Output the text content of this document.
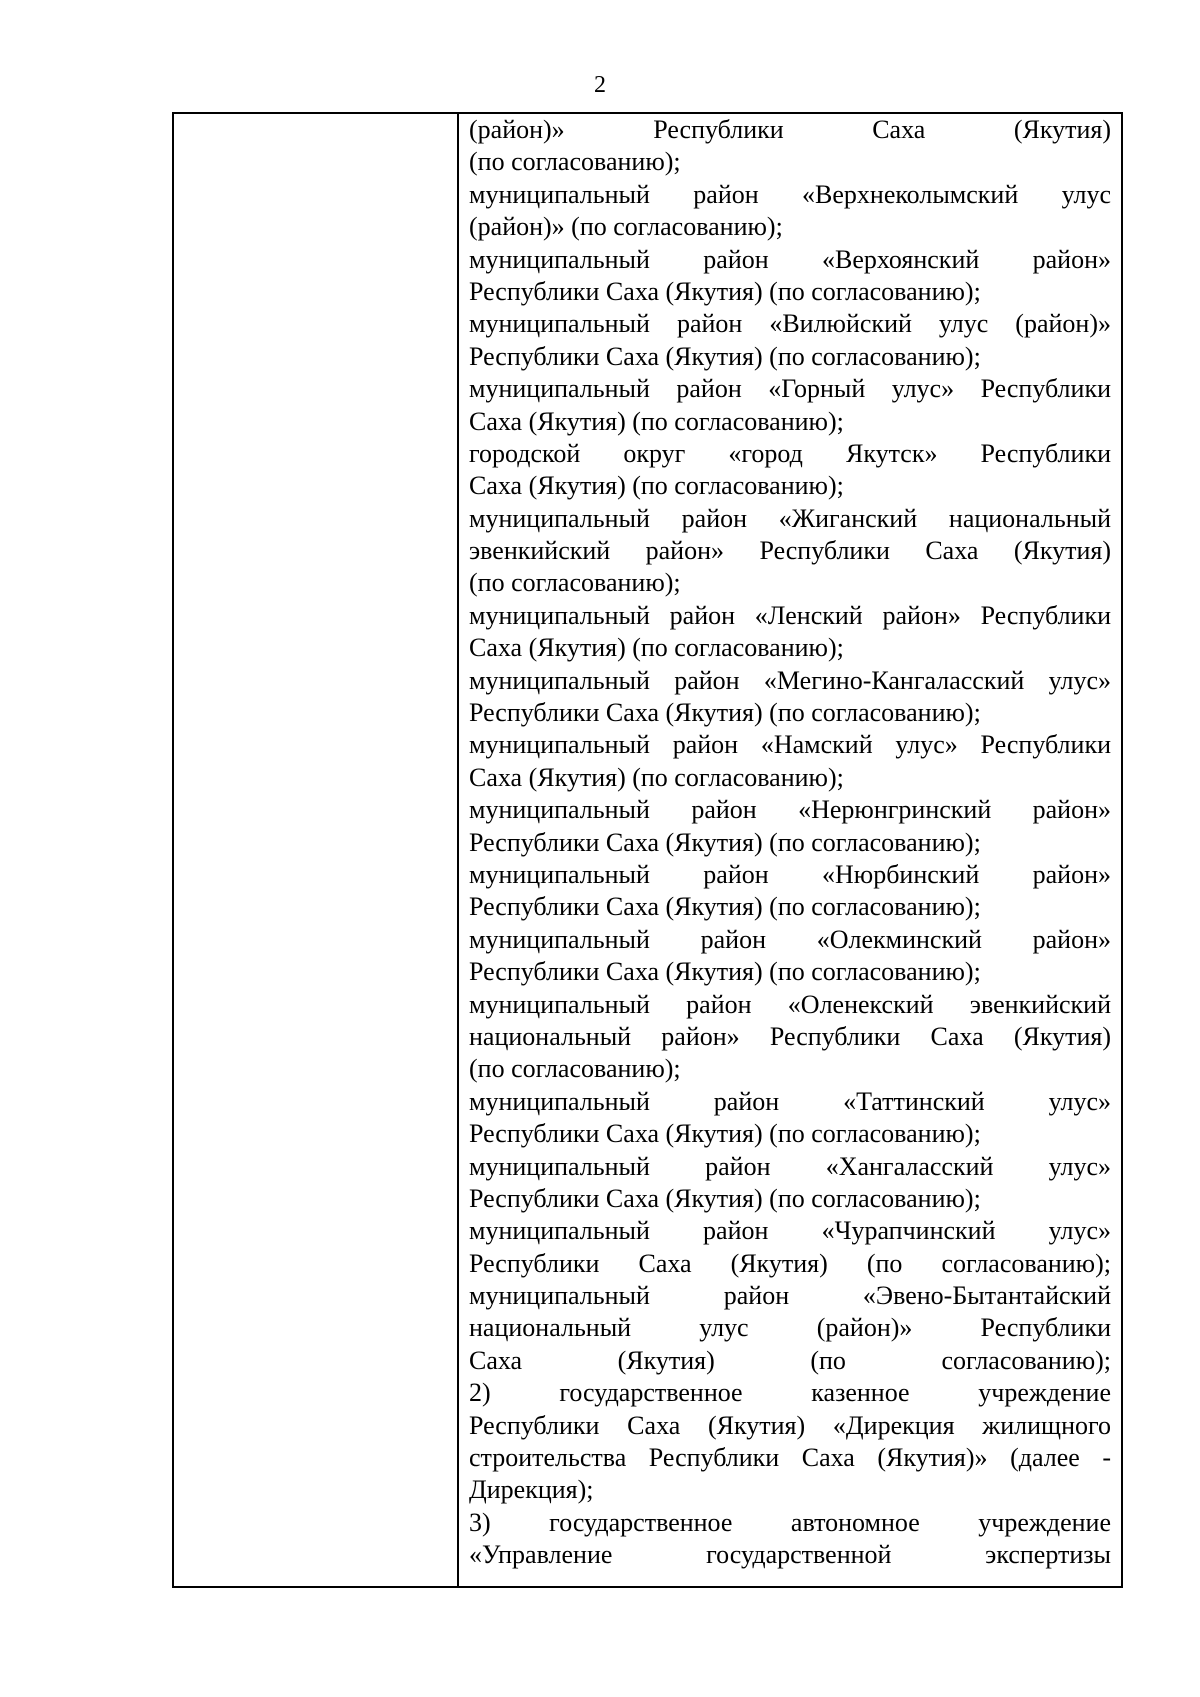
2
(район)» Республики Саха (Якутия)
(по согласованию);
муниципальный район «Верхнеколымский улус
(район)» (по согласованию);
муниципальный район «Верхоянский район»
Республики Саха (Якутия) (по согласованию);
муниципальный район «Вилюйский улус (район)»
Республики Саха (Якутия) (по согласованию);
муниципальный район «Горный улус» Республики
Саха (Якутия) (по согласованию);
городской округ «город Якутск» Республики
Саха (Якутия) (по согласованию);
муниципальный район «Жиганский национальный
эвенкийский район» Республики Саха (Якутия)
(по согласованию);
муниципальный район «Ленский район» Республики
Саха (Якутия) (по согласованию);
муниципальный район «Мегино-Кангаласский улус»
Республики Саха (Якутия) (по согласованию);
муниципальный район «Намский улус» Республики
Саха (Якутия) (по согласованию);
муниципальный район «Нерюнгринский район»
Республики Саха (Якутия) (по согласованию);
муниципальный район «Нюрбинский район»
Республики Саха (Якутия) (по согласованию);
муниципальный район «Олекминский район»
Республики Саха (Якутия) (по согласованию);
муниципальный район «Оленекский эвенкийский
национальный район» Республики Саха (Якутия)
(по согласованию);
муниципальный район «Таттинский улус»
Республики Саха (Якутия) (по согласованию);
муниципальный район «Хангаласский улус»
Республики Саха (Якутия) (по согласованию);
муниципальный район «Чурапчинский улус»
Республики Саха (Якутия) (по согласованию);
муниципальный район «Эвено-Бытантайский
национальный улус (район)» Республики
Саха (Якутия) (по согласованию);
2) государственное казенное учреждение
Республики Саха (Якутия) «Дирекция жилищного
строительства Республики Саха (Якутия)» (далее -
Дирекция);
3) государственное автономное учреждение
«Управление государственной экспертизы
